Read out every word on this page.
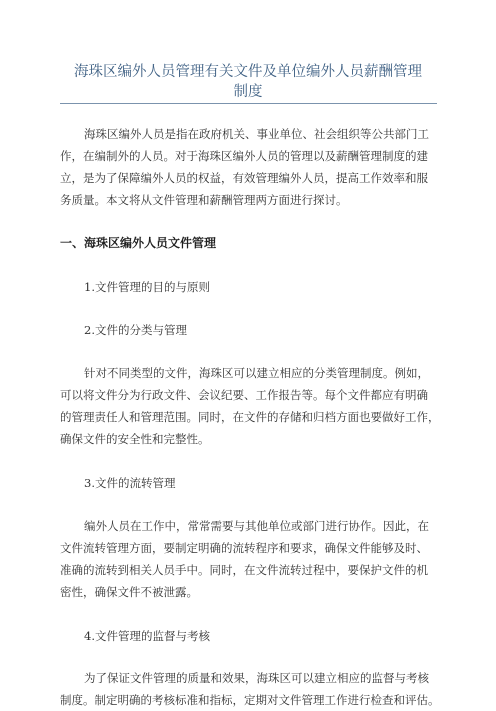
海珠区编外人员管理有关文件及单位编外人员薪酬管理
制度

海珠区编外人员是指在政府机关、事业单位、社会组织等公共部门工
作，在编制外的人员。对于海珠区编外人员的管理以及薪酬管理制度的建
立，是为了保障编外人员的权益，有效管理编外人员，提高工作效率和服
务质量。本文将从文件管理和薪酬管理两方面进行探讨。

一、海珠区编外人员文件管理

1.文件管理的目的与原则

2.文件的分类与管理

针对不同类型的文件，海珠区可以建立相应的分类管理制度。例如，
可以将文件分为行政文件、会议纪要、工作报告等。每个文件都应有明确
的管理责任人和管理范围。同时，在文件的存储和归档方面也要做好工作，
确保文件的安全性和完整性。

3.文件的流转管理

编外人员在工作中，常常需要与其他单位或部门进行协作。因此，在
文件流转管理方面，要制定明确的流转程序和要求，确保文件能够及时、
准确的流转到相关人员手中。同时，在文件流转过程中，要保护文件的机
密性，确保文件不被泄露。

4.文件管理的监督与考核

为了保证文件管理的质量和效果，海珠区可以建立相应的监督与考核
制度。制定明确的考核标准和指标，定期对文件管理工作进行检查和评估。
